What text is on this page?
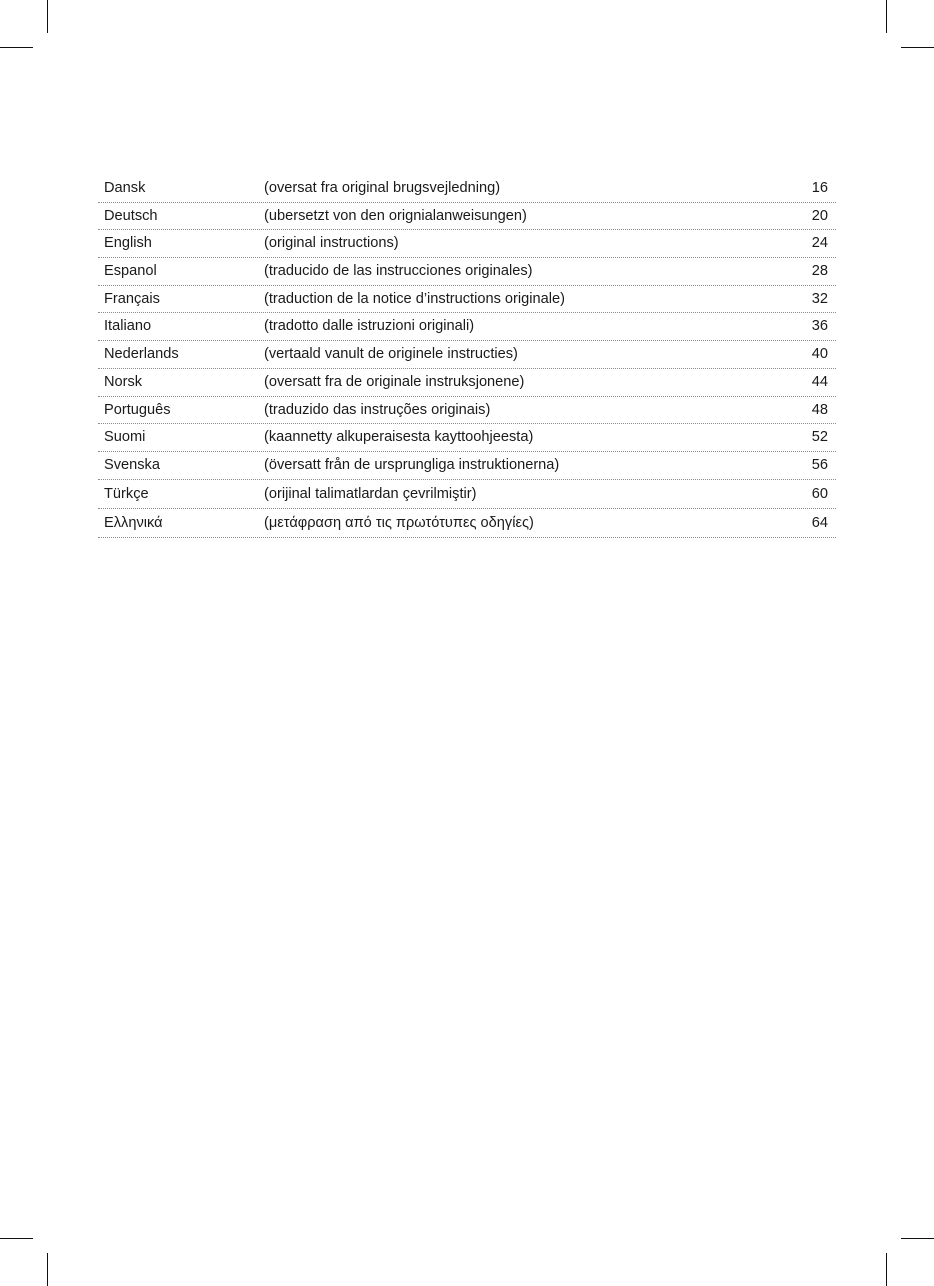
Dansk	(oversat fra original brugsvejledning)	16
Deutsch	(ubersetzt von den orignialanweisungen)	20
English	(original instructions)	24
Espanol	(traducido de las instrucciones originales)	28
Français	(traduction de la notice d’instructions originale)	32
Italiano	(tradotto dalle istruzioni originali)	36
Nederlands	(vertaald vanult de originele instructies)	40
Norsk	(oversatt fra de originale instruksjonene)	44
Português	(traduzido das instruções originais)	48
Suomi	(kaannetty alkuperaisesta kayttoohjeesta)	52
Svenska	(översatt från de ursprungliga instruktionerna)	56
Türkçe	(orijinal talimatlardan çevrilmiştir)	60
Ελληνικά	(μετάφραση από τις πρωτότυπες οδηγίες)	64
